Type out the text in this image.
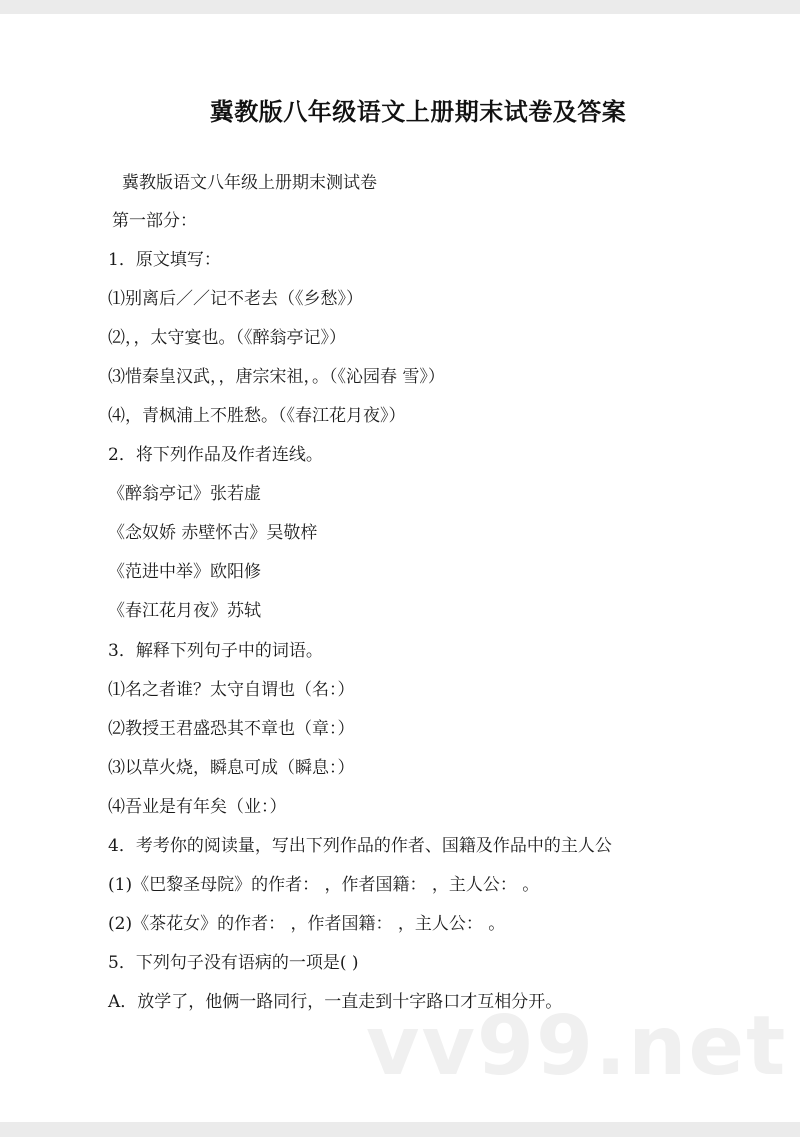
冀教版八年级语文上册期末试卷及答案
冀教版语文八年级上册期末测试卷
第一部分：
1．原文填写：
⑴别离后／／记不老去（《乡愁》）
⑵，，太守宴也。（《醉翁亭记》）
⑶惜秦皇汉武，，唐宗宋祖，。（《沁园春 雪》）
⑷，青枫浦上不胜愁。（《春江花月夜》）
2．将下列作品及作者连线。
《醉翁亭记》张若虚
《念奴娇 赤壁怀古》吴敬梓
《范进中举》欧阳修
《春江花月夜》苏轼
3．解释下列句子中的词语。
⑴名之者谁？太守自谓也（名：）
⑵教授王君盛恐其不章也（章：）
⑶以草火烧，瞬息可成（瞬息：）
⑷吾业是有年矣（业：）
4．考考你的阅读量，写出下列作品的作者、国籍及作品中的主人公
(1)《巴黎圣母院》的作者： ，作者国籍： ，主人公： 。
(2)《茶花女》的作者： ，作者国籍： ，主人公： 。
5．下列句子没有语病的一项是( )
A．放学了，他俩一路同行，一直走到十字路口才互相分开。
vv99.net
